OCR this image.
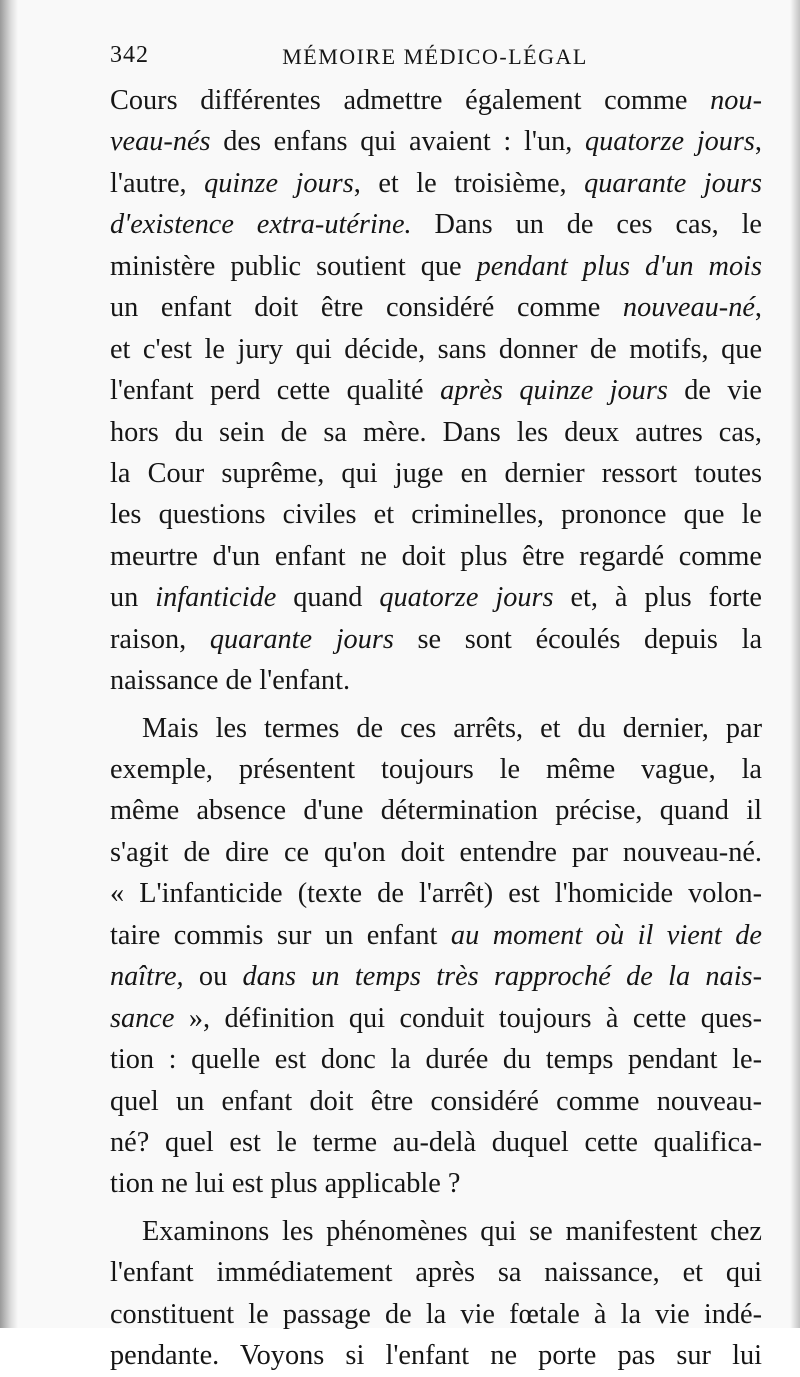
342	MÉMOIRE MÉDICO-LÉGAL
Cours différentes admettre également comme nou-
veau-nés des enfans qui avaient : l'un, quatorze jours,
l'autre, quinze jours, et le troisième, quarante jours
d'existence extra-utérine. Dans un de ces cas, le
ministère public soutient que pendant plus d'un mois
un enfant doit être considéré comme nouveau-né,
et c'est le jury qui décide, sans donner de motifs, que
l'enfant perd cette qualité après quinze jours de vie
hors du sein de sa mère. Dans les deux autres cas,
la Cour suprême, qui juge en dernier ressort toutes
les questions civiles et criminelles, prononce que le
meurtre d'un enfant ne doit plus être regardé comme
un infanticide quand quatorze jours et, à plus forte
raison, quarante jours se sont écoulés depuis la
naissance de l'enfant.
Mais les termes de ces arrêts, et du dernier, par
exemple, présentent toujours le même vague, la
même absence d'une détermination précise, quand il
s'agit de dire ce qu'on doit entendre par nouveau-né.
« L'infanticide (texte de l'arrêt) est l'homicide volon-
taire commis sur un enfant au moment où il vient de
naître, ou dans un temps très rapproché de la nais-
sance », définition qui conduit toujours à cette ques-
tion : quelle est donc la durée du temps pendant le-
quel un enfant doit être considéré comme nouveau-
né? quel est le terme au-delà duquel cette qualifica-
tion ne lui est plus applicable ?
Examinons les phénomènes qui se manifestent chez
l'enfant immédiatement après sa naissance, et qui
constituent le passage de la vie fœtale à la vie indé-
pendante. Voyons si l'enfant ne porte pas sur lui
